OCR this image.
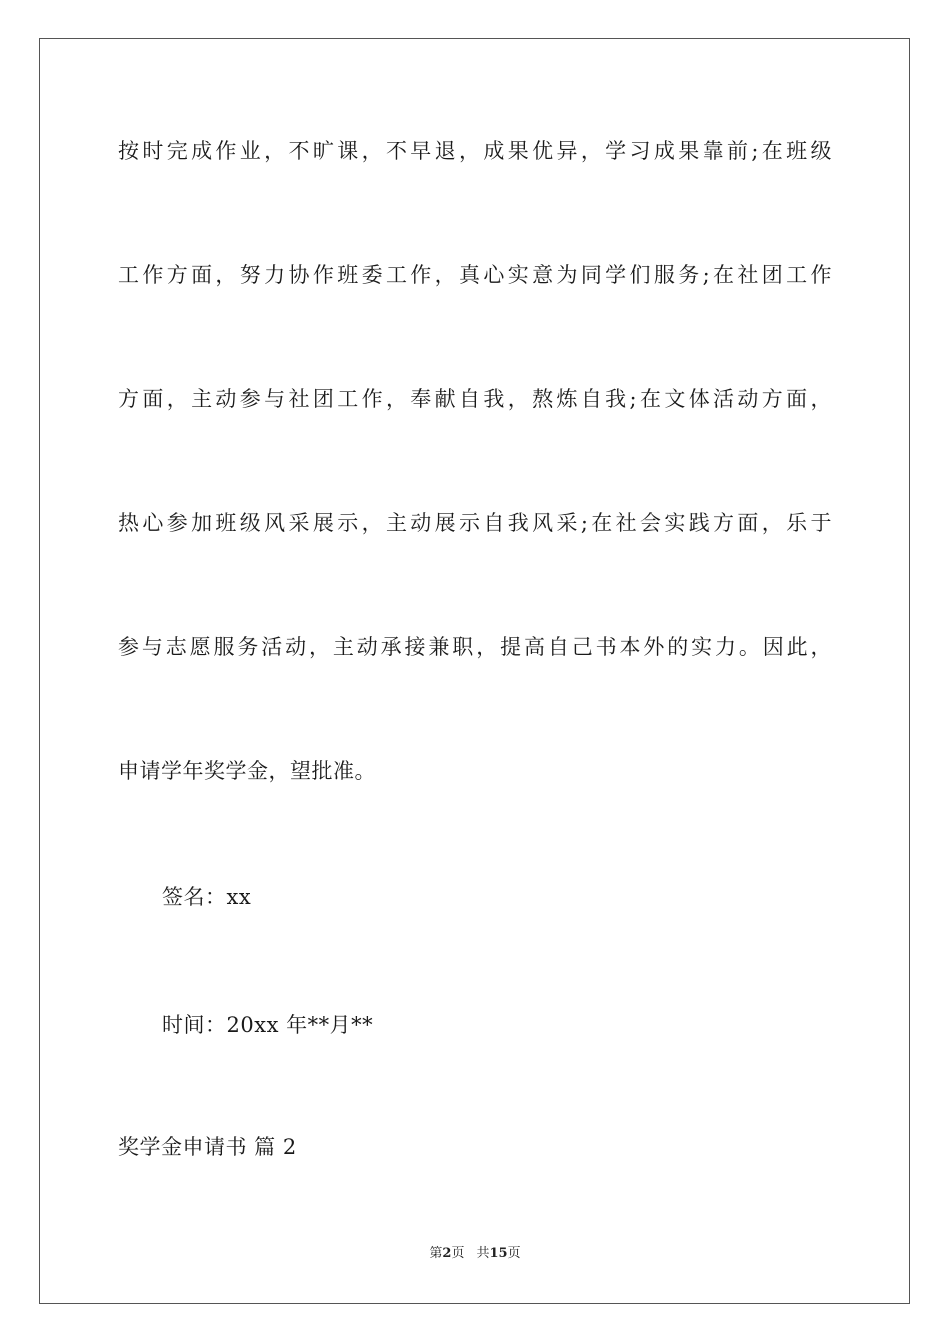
按时完成作业，不旷课，不早退，成果优异，学习成果靠前;在班级
工作方面，努力协作班委工作，真心实意为同学们服务;在社团工作
方面，主动参与社团工作，奉献自我，熬炼自我;在文体活动方面，
热心参加班级风采展示，主动展示自我风采;在社会实践方面，乐于
参与志愿服务活动，主动承接兼职，提高自己书本外的实力。因此，
申请学年奖学金，望批准。
签名：xx
时间：20xx 年**月**
奖学金申请书 篇 2
第2页 共15页
